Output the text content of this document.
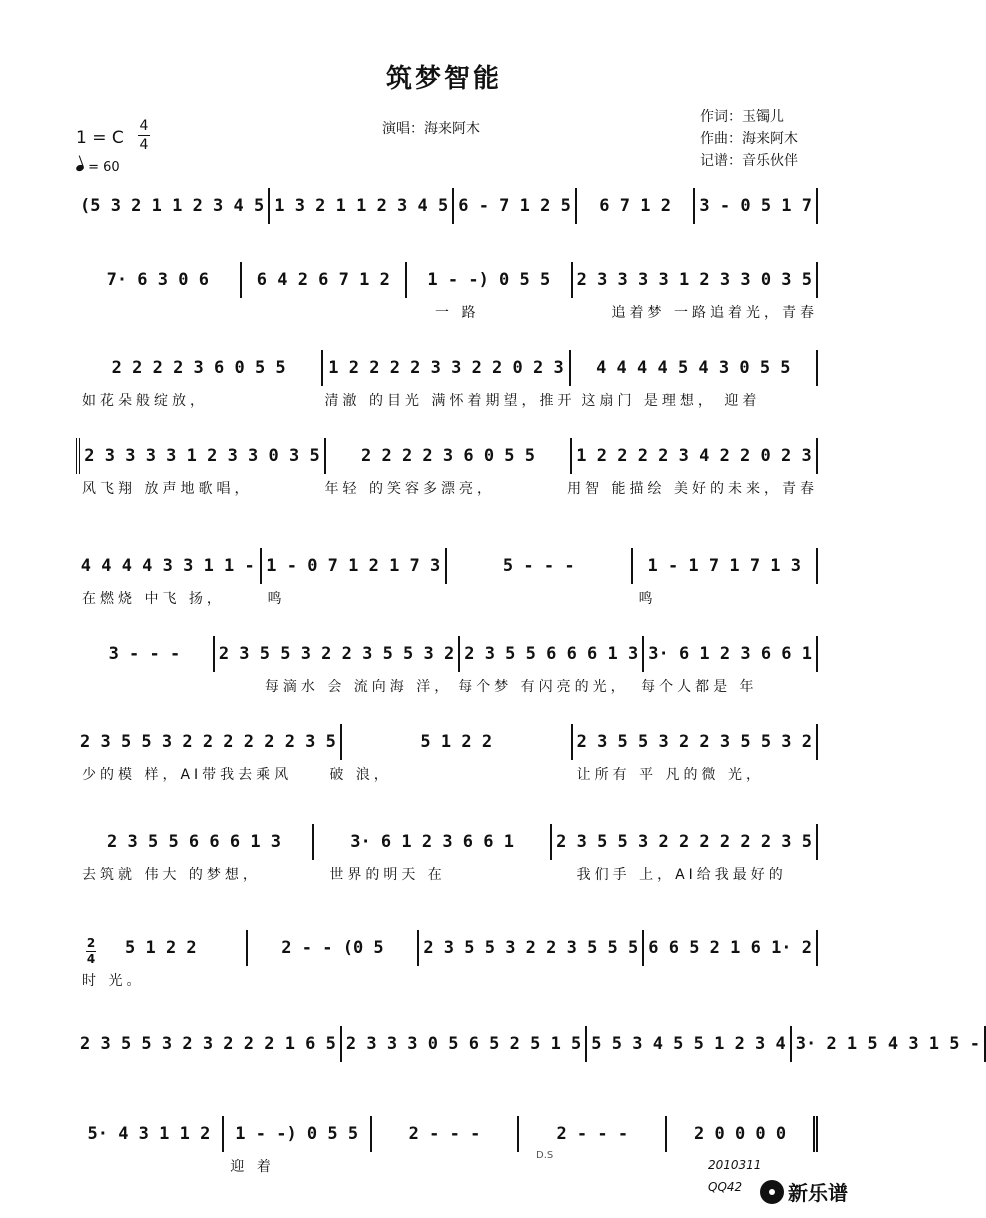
筑梦智能
演唱：海来阿木
作词：玉镯儿
作曲：海来阿木
记谱：音乐伙伴
1 = C
4
4
= 60
(5 3 2 1 1 2 3 4 5 1 3 2 1 1 2 3 4 5 6 - 7 1 2 5	6 7 1 2	3 - 0 5 1 7
7· 6 3 0 6	6 4 2 6 7 1 2	1 - -) 0 5 5	2 3 3 3 3 1 2 3 3 0 3 5
一 路	追着梦 一路追着光，青春
2 2 2 2 3 6 0 5 5	1 2 2 2 2 3 3 2 2 0 2 3	4 4 4 4 5 4 3 0 5 5
如花朵般绽放，	清澈 的目光 满怀着期望，推开 这扇门 是理想， 迎着
2 3 3 3 3 1 2 3 3 0 3 5	2 2 2 2 3 6 0 5 5	1 2 2 2 2 3 4 2 2 0 2 3
风飞翔 放声地歌唱，	年轻 的笑容多漂亮，	用智 能描绘 美好的未来，青春
4 4 4 4 3 3 1 1 - 1 - 0 7 1 2 1 7 3	5 - - -	1 - 1 7 1 7 1 3
在燃烧 中飞 扬，	鸣	鸣
3 - - -	2 3 5 5 3 2 2 3 5 5 3 2 2 3 5 5 6 6 6 1 3 3· 6 1 2 3 6 6 1
每滴水 会 流向海 洋， 每个梦 有闪亮的光， 每个人都是 年
2 3 5 5 3 2 2 2 2 2 2 3 5	5 1 2 2	2 3 5 5 3 2 2 3 5 5 3 2
少的模 样，AI带我去乘风	破 浪，	让所有 平 凡的微 光，
2 3 5 5 6 6 6 1 3	3· 6 1 2 3 6 6 1	2 3 5 5 3 2 2 2 2 2 2 3 5
去筑就 伟大 的梦想，	世界的明天 在	我们手 上，AI给我最好的
5 1 2 2	2 - - (0 5	2 3 5 5 3 2 2 3 5 5 5 6 6 5 2 1 6 1· 2
时 光。
2 3 5 5 3 2 3 2 2 2 1 6 5 2 3 3 3 0 5 6 5 2 5 1 5 5 5 3 4 5 5 1 2 3 4 3· 2 1 5 4 3 1 5 -
5· 4 3 1 1 2	1 - -) 0 5 5	2 - - -	2 - - -	2 0 0 0 0
迎 着
2
4
D.S
2010311
QQ42 新乐谱
